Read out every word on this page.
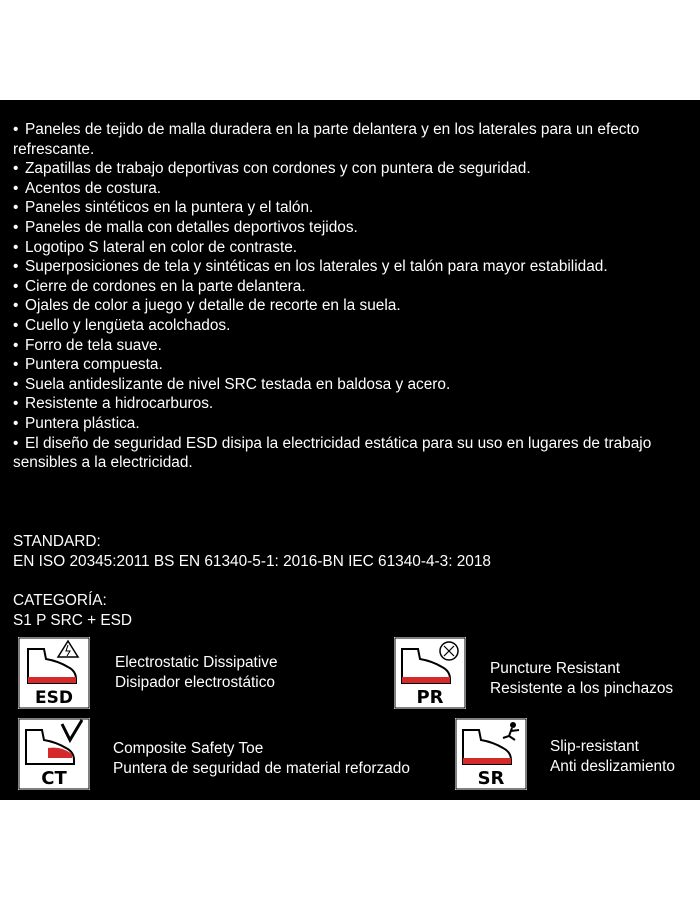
• Paneles de tejido de malla duradera en la parte delantera y en los laterales para un efecto refrescante.
• Zapatillas de trabajo deportivas con cordones y con puntera de seguridad.
• Acentos de costura.
• Paneles sintéticos en la puntera y el talón.
• Paneles de malla con detalles deportivos tejidos.
• Logotipo S lateral en color de contraste.
• Superposiciones de tela y sintéticas en los laterales y el talón para mayor estabilidad.
• Cierre de cordones en la parte delantera.
• Ojales de color a juego y detalle de recorte en la suela.
• Cuello y lengüeta acolchados.
• Forro de tela suave.
• Puntera compuesta.
• Suela antideslizante de nivel SRC testada en baldosa y acero.
• Resistente a hidrocarburos.
• Puntera plástica.
• El diseño de seguridad ESD disipa la electricidad estática para su uso en lugares de trabajo sensibles a la electricidad.
STANDARD:
EN ISO 20345:2011 BS EN 61340-5-1: 2016-BN IEC 61340-4-3: 2018
CATEGORÍA:
S1 P SRC + ESD
ESD
Electrostatic Dissipative
Disipador electrostático
PR
Puncture Resistant
Resistente a los pinchazos
CT
Composite Safety Toe
Puntera de seguridad de material reforzado	SR
Slip-resistant
Anti deslizamiento
